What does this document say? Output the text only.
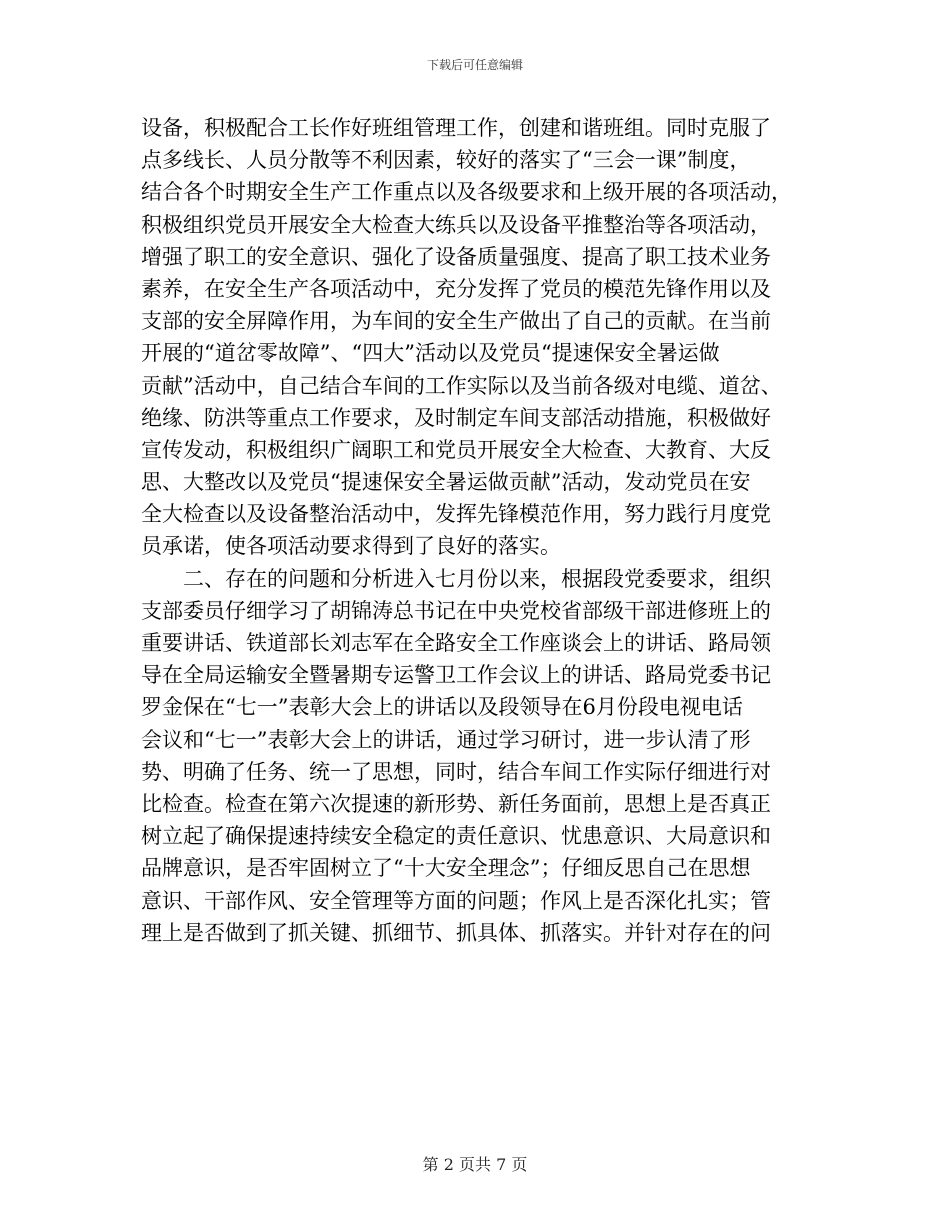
下载后可任意编辑
设备，积极配合工长作好班组管理工作，创建和谐班组。同时克服了
点多线长、人员分散等不利因素，较好的落实了“三会一课”制度，
结合各个时期安全生产工作重点以及各级要求和上级开展的各项活动，
积极组织党员开展安全大检查大练兵以及设备平推整治等各项活动，
增强了职工的安全意识、强化了设备质量强度、提高了职工技术业务
素养，在安全生产各项活动中，充分发挥了党员的模范先锋作用以及
支部的安全屏障作用，为车间的安全生产做出了自己的贡献。在当前
开展的“道岔零故障”、“四大”活动以及党员“提速保安全暑运做
贡献”活动中，自己结合车间的工作实际以及当前各级对电缆、道岔、
绝缘、防洪等重点工作要求，及时制定车间支部活动措施，积极做好
宣传发动，积极组织广阔职工和党员开展安全大检查、大教育、大反
思、大整改以及党员“提速保安全暑运做贡献”活动，发动党员在安
全大检查以及设备整治活动中，发挥先锋模范作用，努力践行月度党
员承诺，使各项活动要求得到了良好的落实。
　　二、存在的问题和分析进入七月份以来，根据段党委要求，组织
支部委员仔细学习了胡锦涛总书记在中央党校省部级干部进修班上的
重要讲话、铁道部长刘志军在全路安全工作座谈会上的讲话、路局领
导在全局运输安全暨暑期专运警卫工作会议上的讲话、路局党委书记
罗金保在“七一”表彰大会上的讲话以及段领导在6月份段电视电话
会议和“七一”表彰大会上的讲话，通过学习研讨，进一步认清了形
势、明确了任务、统一了思想，同时，结合车间工作实际仔细进行对
比检查。检查在第六次提速的新形势、新任务面前，思想上是否真正
树立起了确保提速持续安全稳定的责任意识、忧患意识、大局意识和
品牌意识，是否牢固树立了“十大安全理念”；仔细反思自己在思想
意识、干部作风、安全管理等方面的问题；作风上是否深化扎实；管
理上是否做到了抓关键、抓细节、抓具体、抓落实。并针对存在的问
第 2 页共 7 页
